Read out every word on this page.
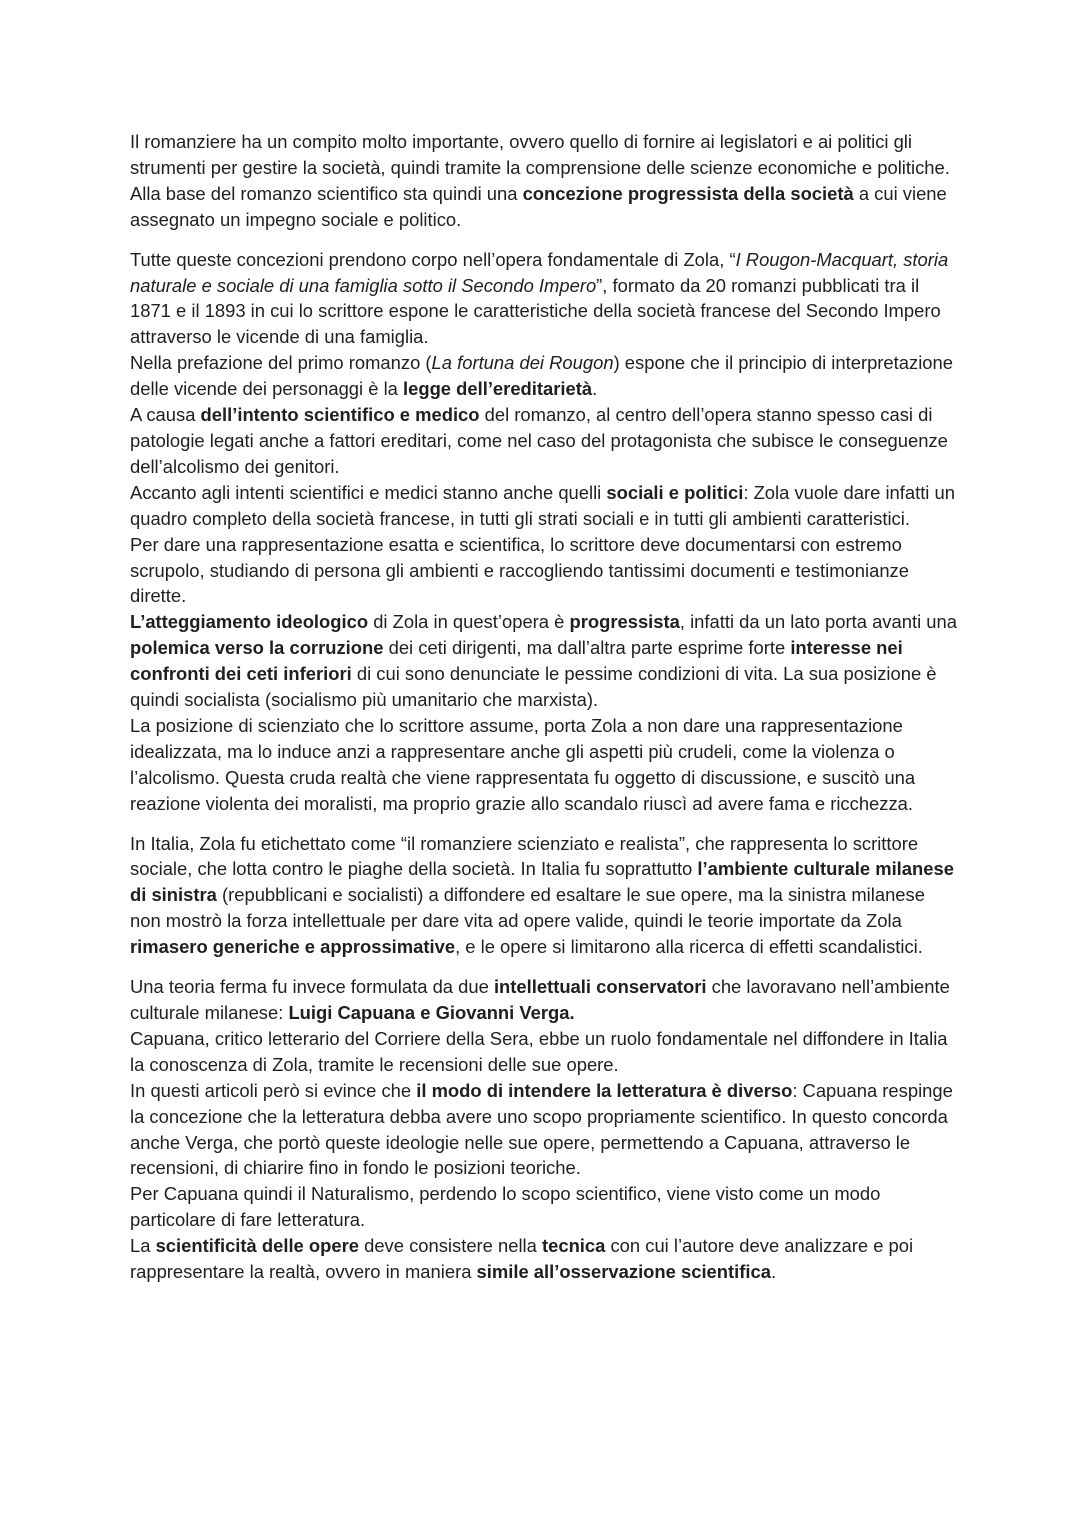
Il romanziere ha un compito molto importante, ovvero quello di fornire ai legislatori e ai politici gli strumenti per gestire la società, quindi tramite la comprensione delle scienze economiche e politiche. Alla base del romanzo scientifico sta quindi una concezione progressista della società a cui viene assegnato un impegno sociale e politico.

Tutte queste concezioni prendono corpo nell’opera fondamentale di Zola, “I Rougon-Macquart, storia naturale e sociale di una famiglia sotto il Secondo Impero”, formato da 20 romanzi pubblicati tra il 1871 e il 1893 in cui lo scrittore espone le caratteristiche della società francese del Secondo Impero attraverso le vicende di una famiglia.

Nella prefazione del primo romanzo (La fortuna dei Rougon) espone che il principio di interpretazione delle vicende dei personaggi è la legge dell’ereditarietà.

A causa dell’intento scientifico e medico del romanzo, al centro dell’opera stanno spesso casi di patologie legati anche a fattori ereditari, come nel caso del protagonista che subisce le conseguenze dell’alcolismo dei genitori.

Accanto agli intenti scientifici e medici stanno anche quelli sociali e politici: Zola vuole dare infatti un quadro completo della società francese, in tutti gli strati sociali e in tutti gli ambienti caratteristici.

Per dare una rappresentazione esatta e scientifica, lo scrittore deve documentarsi con estremo scrupolo, studiando di persona gli ambienti e raccogliendo tantissimi documenti e testimonianze dirette.

L’atteggiamento ideologico di Zola in quest’opera è progressista, infatti da un lato porta avanti una polemica verso la corruzione dei ceti dirigenti, ma dall’altra parte esprime forte interesse nei confronti dei ceti inferiori di cui sono denunciate le pessime condizioni di vita. La sua posizione è quindi socialista (socialismo più umanitario che marxista).

La posizione di scienziato che lo scrittore assume, porta Zola a non dare una rappresentazione idealizzata, ma lo induce anzi a rappresentare anche gli aspetti più crudeli, come la violenza o l’alcolismo. Questa cruda realtà che viene rappresentata fu oggetto di discussione, e suscitò una reazione violenta dei moralisti, ma proprio grazie allo scandalo riuscì ad avere fama e ricchezza.

In Italia, Zola fu etichettato come “il romanziere scienziato e realista”, che rappresenta lo scrittore sociale, che lotta contro le piaghe della società. In Italia fu soprattutto l’ambiente culturale milanese di sinistra (repubblicani e socialisti) a diffondere ed esaltare le sue opere, ma la sinistra milanese non mostrò la forza intellettuale per dare vita ad opere valide, quindi le teorie importate da Zola rimasero generiche e approssimative, e le opere si limitarono alla ricerca di effetti scandalistici.

Una teoria ferma fu invece formulata da due intellettuali conservatori che lavoravano nell’ambiente culturale milanese: Luigi Capuana e Giovanni Verga.

Capuana, critico letterario del Corriere della Sera, ebbe un ruolo fondamentale nel diffondere in Italia la conoscenza di Zola, tramite le recensioni delle sue opere.

In questi articoli però si evince che il modo di intendere la letteratura è diverso: Capuana respinge la concezione che la letteratura debba avere uno scopo propriamente scientifico. In questo concorda anche Verga, che portò queste ideologie nelle sue opere, permettendo a Capuana, attraverso le recensioni, di chiarire fino in fondo le posizioni teoriche.

Per Capuana quindi il Naturalismo, perdendo lo scopo scientifico, viene visto come un modo particolare di fare letteratura.

La scientificità delle opere deve consistere nella tecnica con cui l’autore deve analizzare e poi rappresentare la realtà, ovvero in maniera simile all’osservazione scientifica.
